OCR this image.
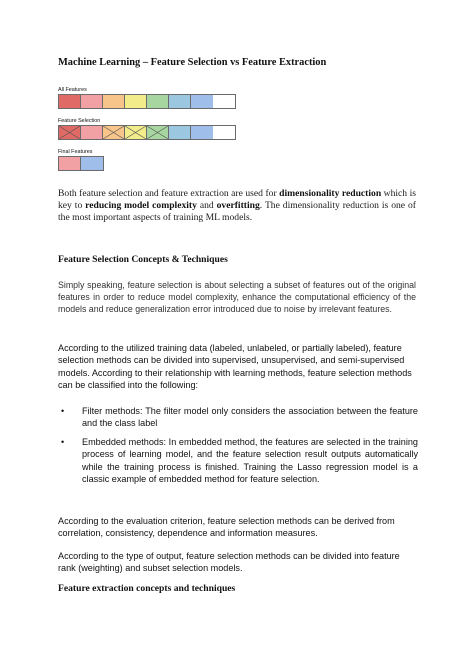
Machine Learning – Feature Selection vs Feature Extraction
All Features
Feature Selection
Final Features
Both feature selection and feature extraction are used for dimensionality reduction which is key to reducing model complexity and overfitting. The dimensionality reduction is one of the most important aspects of training ML models.
Feature Selection Concepts & Techniques
Simply speaking, feature selection is about selecting a subset of features out of the original features in order to reduce model complexity, enhance the computational efficiency of the models and reduce generalization error introduced due to noise by irrelevant features.
According to the utilized training data (labeled, unlabeled, or partially labeled), feature selection methods can be divided into supervised, unsupervised, and semi-supervised models. According to their relationship with learning methods, feature selection methods can be classified into the following:
• Filter methods: The filter model only considers the association between the feature and the class label
• Embedded methods: In embedded method, the features are selected in the training process of learning model, and the feature selection result outputs automatically while the training process is finished. Training the Lasso regression model is a classic example of embedded method for feature selection.
According to the evaluation criterion, feature selection methods can be derived from correlation, consistency, dependence and information measures.
According to the type of output, feature selection methods can be divided into feature rank (weighting) and subset selection models.
Feature extraction concepts and techniques
